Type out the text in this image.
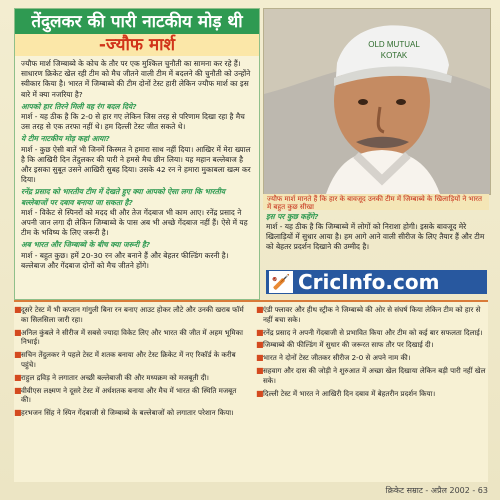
तेंदुलकर की पारी नाटकीय मोड़ थी
-ज्यौफ मार्श

ज्यौफ मार्श जिम्बाब्वे के कोच के तौर पर एक मुश्किल चुनौती का सामना कर रहे हैं। साधारण क्रिकेट खेल रही टीम को मैच जीतने वाली टीम में बदलने की चुनौती को उन्होंने स्वीकार किया है। भारत में जिम्बाब्वे की टीम दोनों टेस्ट हारी लेकिन ज्यौफ मार्श का इस बारे में क्या नजरिया है?

आपको हार तिरने मिली वह रंग बदल दिये?
मार्श - यह ठीक है कि 2-0 से हार गए लेकिन जिस तरह से परिणाम दिखा रहा है मैच उस तरह से एक तरफा नहीं थे। हम दिल्ली टेस्ट जीत सकते थे।

ये टीम नाटकीय मोड़ कहां आया?
मार्श - कुछ ऐसी बातें भी जिनमें किस्मत ने हमारा साथ नहीं दिया। आखिर में मेरा ख्याल है कि आखिरी दिन तेंदुलकर की पारी ने हमसे मैच छीन लिया। यह महान बल्लेबाज है और इसका सुबूत उसने आखिरी सुबह दिया। उसके 42 रन ने हमारा मुकाबला खत्म कर दिया।

रनेंद्र प्रसाद को भारतीय टीम में देखते हुए क्या आपको ऐसा लगा कि भारतीय बल्लेबाजों पर दबाव बनाया जा सकता है?
मार्श - विकेट से स्पिनरों को मदद थी और तेज गेंदबाज भी काम आए। रनेंद्र प्रसाद ने अपनी जान लगा दी लेकिन जिम्बाब्वे के पास अब भी अच्छे गेंदबाज नहीं हैं। ऐसे में यह टीम के भविष्य के लिए जरूरी है।

अब भारत और जिम्बाब्वे के बीच क्या जरूरी है?
मार्श - बहुत कुछ। हमें 20-30 रन और बनाने हैं और बेहतर फील्डिंग करनी है। बल्लेबाज और गेंदबाज दोनों को मैच जीतने होंगे।

OLD MUTUAL
KOTAK
ज्यौफ मार्श मानते हैं कि हार के बावजूद उनकी टीम में जिम्बाब्वे के खिलाड़ियों ने भारत में बहुत कुछ सीखा
इस पर कुछ कहेंगे?
मार्श - यह ठीक है कि जिम्बाब्वे में लोगों को निराशा होगी। इसके बावजूद मेरे खिलाड़ियों में सुधार आया है। हम आगे आने वाली सीरीज के लिए तैयार हैं और टीम को बेहतर प्रदर्शन दिखाने की उम्मीद है।
🏏 CricInfo.com
■ दूसरे टेस्ट में भी कप्तान गांगुली बिना रन बनाए आउट होकर लौटे और उनकी खराब फॉर्म का सिलसिला जारी रहा।
■ अनिल कुंबले ने सीरीज में सबसे ज्यादा विकेट लिए और भारत की जीत में अहम भूमिका निभाई।
■ सचिन तेंदुलकर ने पहले टेस्ट में शतक बनाया और टेस्ट क्रिकेट में नए रिकॉर्ड के करीब पहुंचे।
■ राहुल द्रविड़ ने लगातार अच्छी बल्लेबाजी की और मध्यक्रम को मजबूती दी।
■ वीवीएस लक्ष्मण ने दूसरे टेस्ट में अर्धशतक बनाया और मैच में भारत की स्थिति मजबूत की।
■ हरभजन सिंह ने स्पिन गेंदबाजी से जिम्बाब्वे के बल्लेबाजों को लगातार परेशान किया।
■ एंडी फ्लावर और हीथ स्ट्रीक ने जिम्बाब्वे की ओर से संघर्ष किया लेकिन टीम को हार से नहीं बचा सके।
■ रनेंद्र प्रसाद ने अपनी गेंदबाजी से प्रभावित किया और टीम को कई बार सफलता दिलाई।
■ जिम्बाब्वे की फील्डिंग में सुधार की जरूरत साफ तौर पर दिखाई दी।
■ भारत ने दोनों टेस्ट जीतकर सीरीज 2-0 से अपने नाम की।
■ सहवाग और दास की जोड़ी ने शुरुआत में अच्छा खेल दिखाया लेकिन बड़ी पारी नहीं खेल सके।
■ दिल्ली टेस्ट में भारत ने आखिरी दिन दबाव में बेहतरीन प्रदर्शन किया।
क्रिकेट सम्राट - अप्रैल 2002 - 63
